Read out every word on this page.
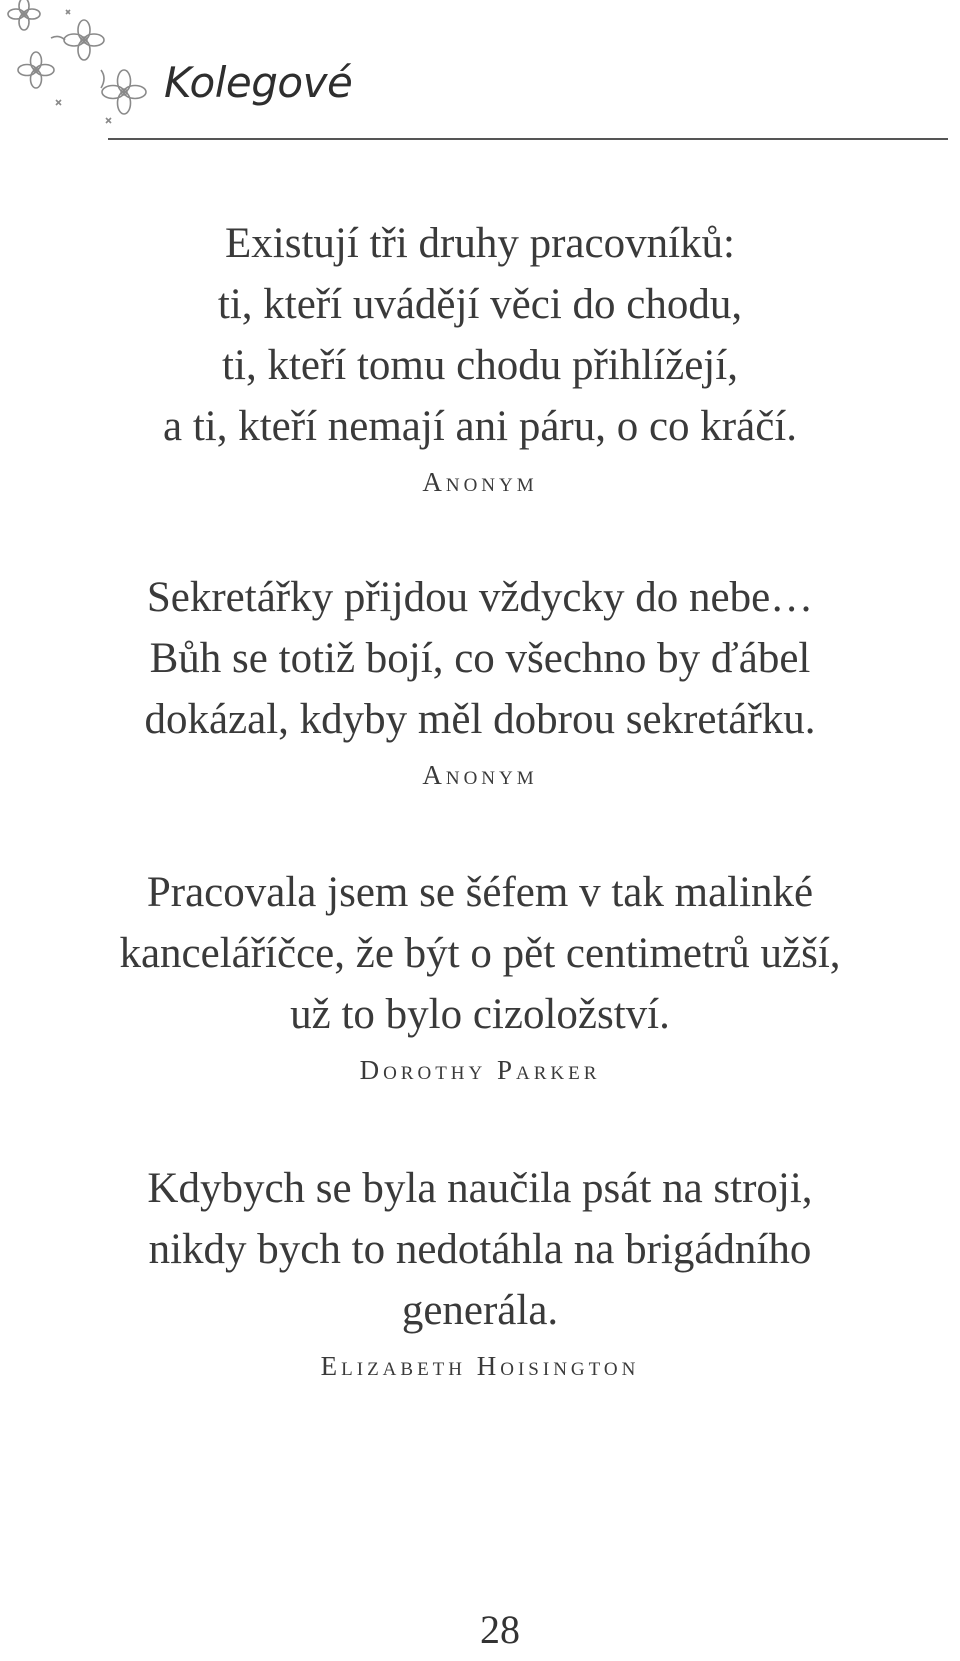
Kolegové

Existují tři druhy pracovníků:
ti, kteří uvádějí věci do chodu,
ti, kteří tomu chodu přihlížejí,
a ti, kteří nemají ani páru, o co kráčí.

Anonym

Sekretářky přijdou vždycky do nebe…
Bůh se totiž bojí, co všechno by ďábel
dokázal, kdyby měl dobrou sekretářku.

Anonym

Pracovala jsem se šéfem v tak malinké
kanceláříčce, že být o pět centimetrů užší,
už to bylo cizoložství.

Dorothy Parker

Kdybych se byla naučila psát na stroji,
nikdy bych to nedotáhla na brigádního
generála.

Elizabeth Hoisington

28
